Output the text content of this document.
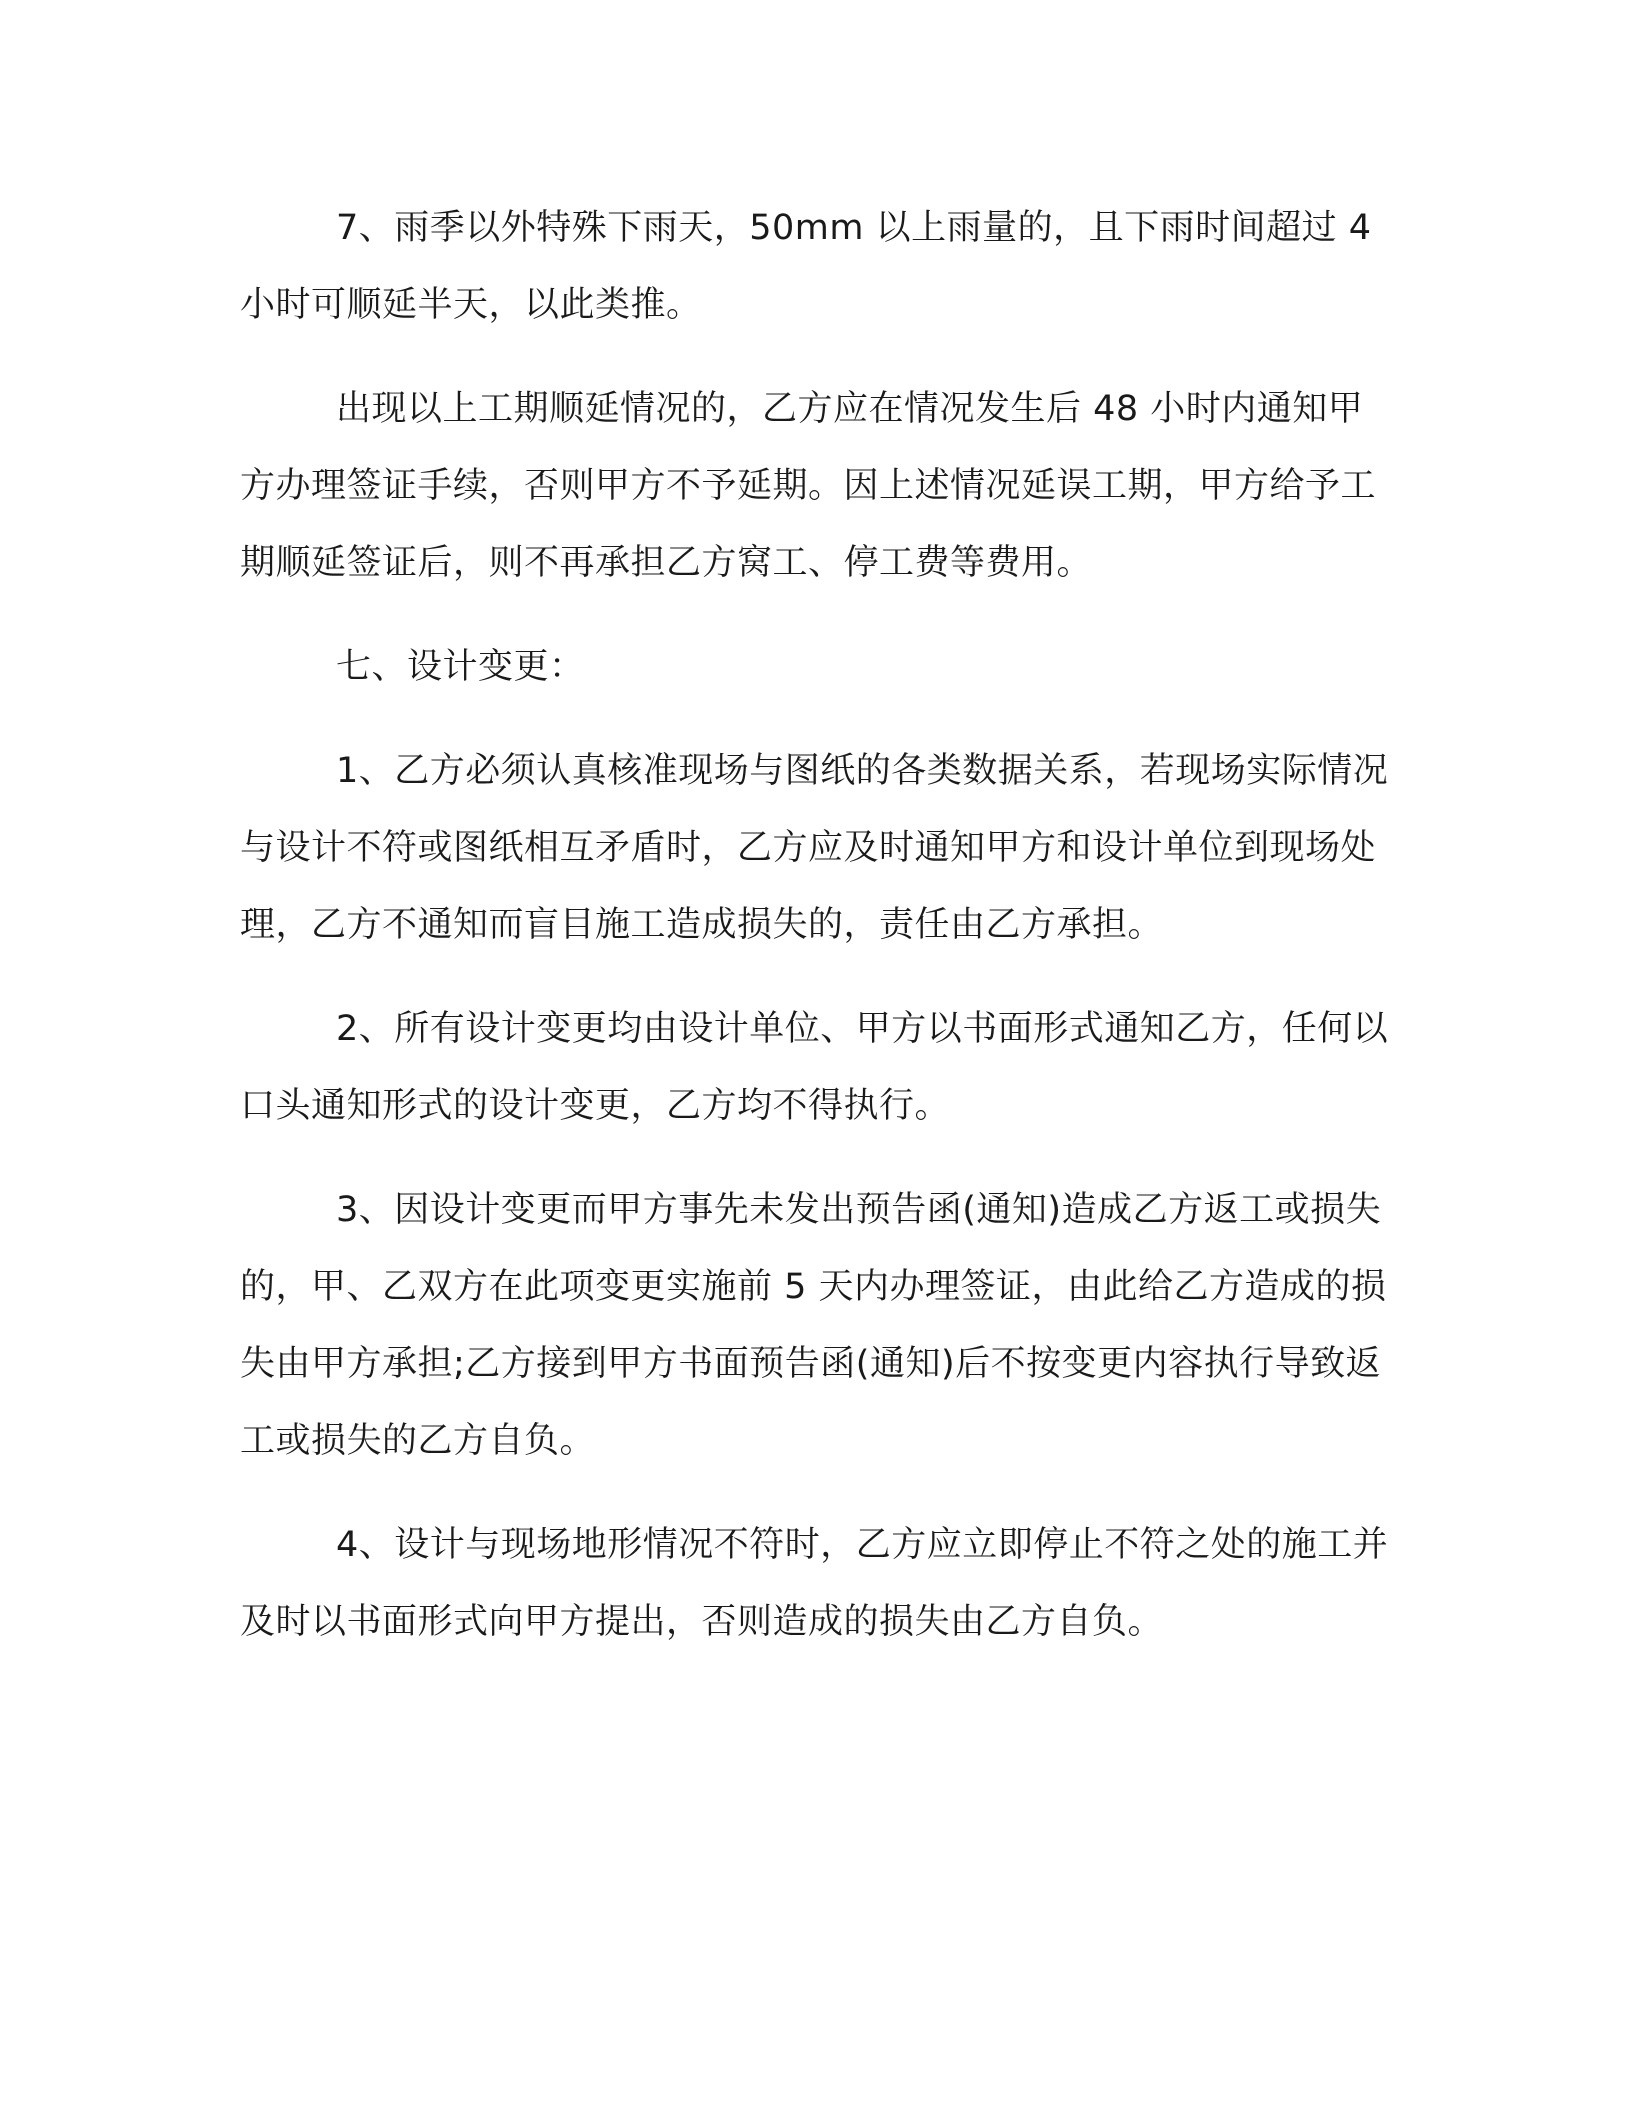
7、雨季以外特殊下雨天，50mm 以上雨量的，且下雨时间超过 4 小时可顺延半天，以此类推。

出现以上工期顺延情况的，乙方应在情况发生后 48 小时内通知甲方办理签证手续，否则甲方不予延期。因上述情况延误工期，甲方给予工期顺延签证后，则不再承担乙方窝工、停工费等费用。

七、设计变更：

1、乙方必须认真核准现场与图纸的各类数据关系，若现场实际情况与设计不符或图纸相互矛盾时，乙方应及时通知甲方和设计单位到现场处理，乙方不通知而盲目施工造成损失的，责任由乙方承担。

2、所有设计变更均由设计单位、甲方以书面形式通知乙方，任何以口头通知形式的设计变更，乙方均不得执行。

3、因设计变更而甲方事先未发出预告函(通知)造成乙方返工或损失的，甲、乙双方在此项变更实施前 5 天内办理签证，由此给乙方造成的损失由甲方承担;乙方接到甲方书面预告函(通知)后不按变更内容执行导致返工或损失的乙方自负。

4、设计与现场地形情况不符时，乙方应立即停止不符之处的施工并及时以书面形式向甲方提出，否则造成的损失由乙方自负。
